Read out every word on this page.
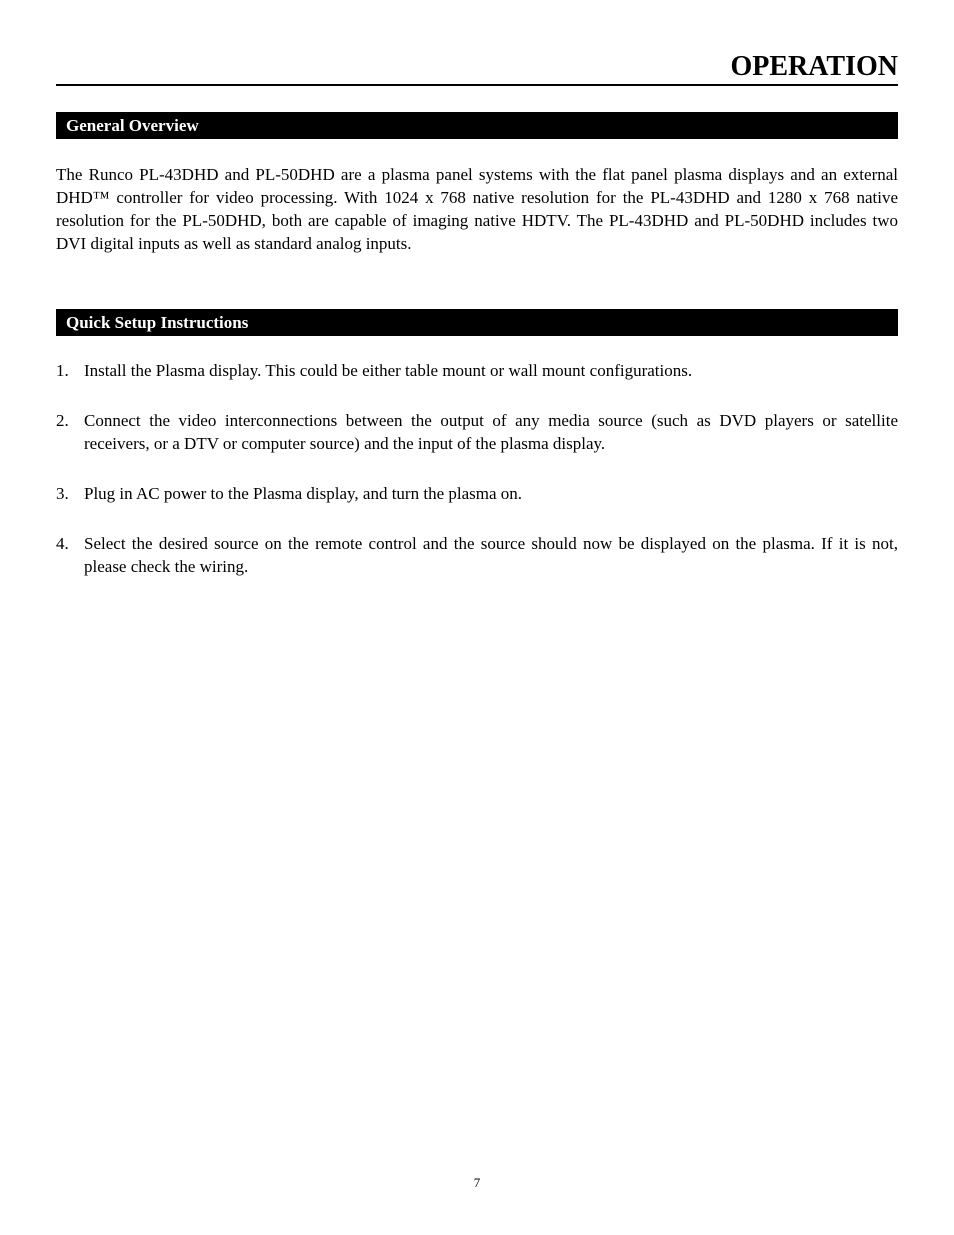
OPERATION
General Overview

The Runco PL-43DHD and PL-50DHD are a plasma panel systems with the flat panel plasma displays and an external DHD™ controller for video processing. With 1024 x 768 native resolution for the PL-43DHD and 1280 x 768 native resolution for the PL-50DHD, both are capable of imaging native HDTV. The PL-43DHD and PL-50DHD includes two DVI digital inputs as well as standard analog inputs.

Quick Setup Instructions
1. Install the Plasma display. This could be either table mount or wall mount configurations.
2. Connect the video interconnections between the output of any media source (such as DVD players or satellite receivers, or a DTV or computer source) and the input of the plasma display.
3. Plug in AC power to the Plasma display, and turn the plasma on.
4. Select the desired source on the remote control and the source should now be displayed on the plasma. If it is not, please check the wiring.
7
